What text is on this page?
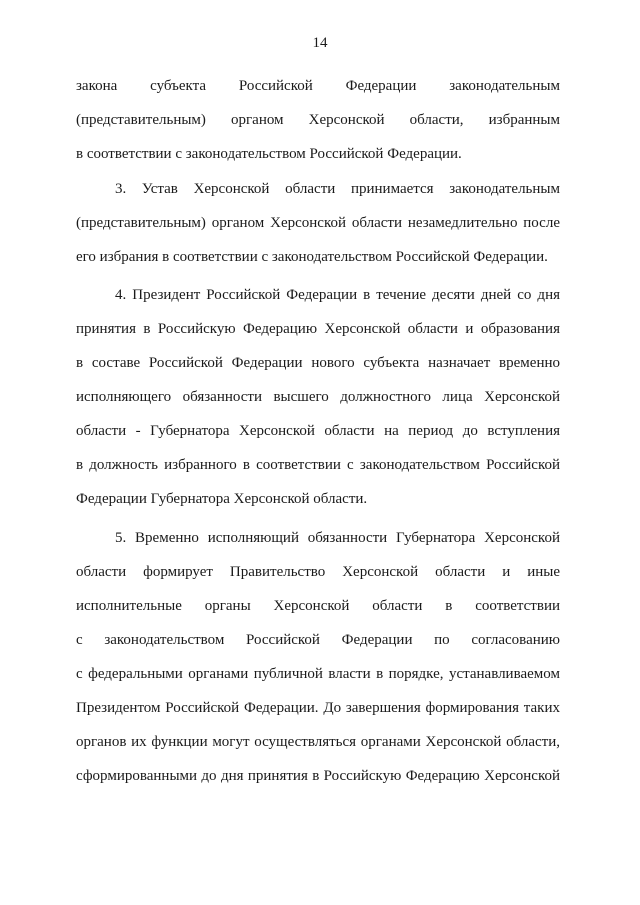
14
закона субъекта Российской Федерации законодательным
(представительным) органом Херсонской области, избранным
в соответствии с законодательством Российской Федерации.
3. Устав Херсонской области принимается законодательным
(представительным) органом Херсонской области незамедлительно после
его избрания в соответствии с законодательством Российской Федерации.
4. Президент Российской Федерации в течение десяти дней со дня
принятия в Российскую Федерацию Херсонской области и образования
в составе Российской Федерации нового субъекта назначает временно
исполняющего обязанности высшего должностного лица Херсонской
области - Губернатора Херсонской области на период до вступления
в должность избранного в соответствии с законодательством Российской
Федерации Губернатора Херсонской области.
5. Временно исполняющий обязанности Губернатора Херсонской
области формирует Правительство Херсонской области и иные
исполнительные органы Херсонской области в соответствии
с законодательством Российской Федерации по согласованию
с федеральными органами публичной власти в порядке, устанавливаемом
Президентом Российской Федерации. До завершения формирования таких
органов их функции могут осуществляться органами Херсонской области,
сформированными до дня принятия в Российскую Федерацию Херсонской
